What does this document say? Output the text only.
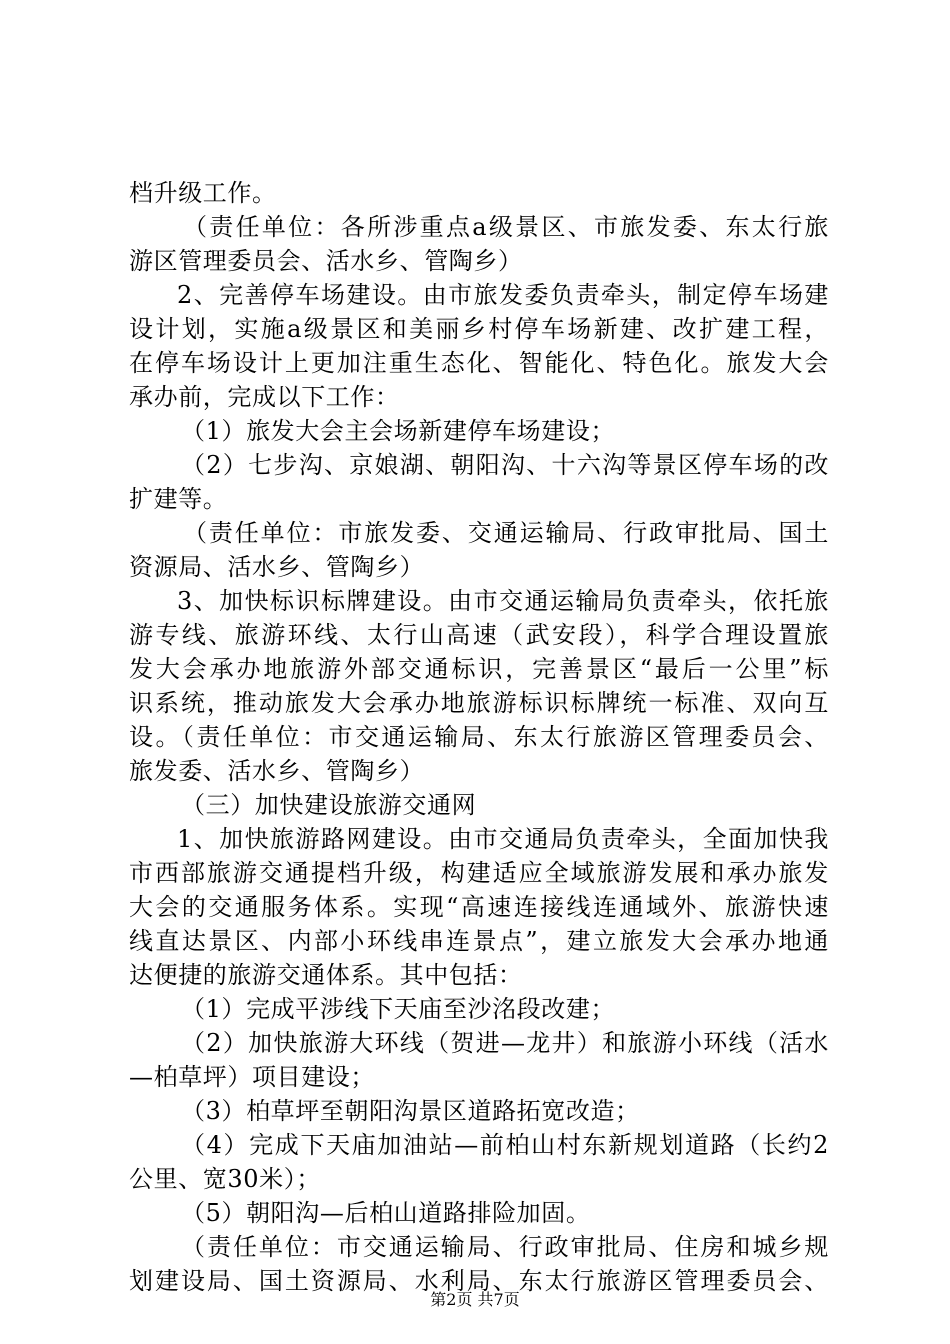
档升级工作。
（责任单位：各所涉重点a级景区、市旅发委、东太行旅
游区管理委员会、活水乡、管陶乡）
2、完善停车场建设。由市旅发委负责牵头，制定停车场建
设计划，实施a级景区和美丽乡村停车场新建、改扩建工程，
在停车场设计上更加注重生态化、智能化、特色化。旅发大会
承办前，完成以下工作：
（1）旅发大会主会场新建停车场建设；
（2）七步沟、京娘湖、朝阳沟、十六沟等景区停车场的改
扩建等。
（责任单位：市旅发委、交通运输局、行政审批局、国土
资源局、活水乡、管陶乡）
3、加快标识标牌建设。由市交通运输局负责牵头，依托旅
游专线、旅游环线、太行山高速（武安段），科学合理设置旅
发大会承办地旅游外部交通标识，完善景区“最后一公里”标
识系统，推动旅发大会承办地旅游标识标牌统一标准、双向互
设。（责任单位：市交通运输局、东太行旅游区管理委员会、
旅发委、活水乡、管陶乡）
（三）加快建设旅游交通网
1、加快旅游路网建设。由市交通局负责牵头，全面加快我
市西部旅游交通提档升级，构建适应全域旅游发展和承办旅发
大会的交通服务体系。实现“高速连接线连通域外、旅游快速
线直达景区、内部小环线串连景点”，建立旅发大会承办地通
达便捷的旅游交通体系。其中包括：
（1）完成平涉线下天庙至沙洺段改建；
（2）加快旅游大环线（贺进—龙井）和旅游小环线（活水
—柏草坪）项目建设；
（3）柏草坪至朝阳沟景区道路拓宽改造；
（4）完成下天庙加油站—前柏山村东新规划道路（长约2
公里、宽30米）；
（5）朝阳沟—后柏山道路排险加固。
（责任单位：市交通运输局、行政审批局、住房和城乡规
划建设局、国土资源局、水利局、东太行旅游区管理委员会、
第2页 共7页
